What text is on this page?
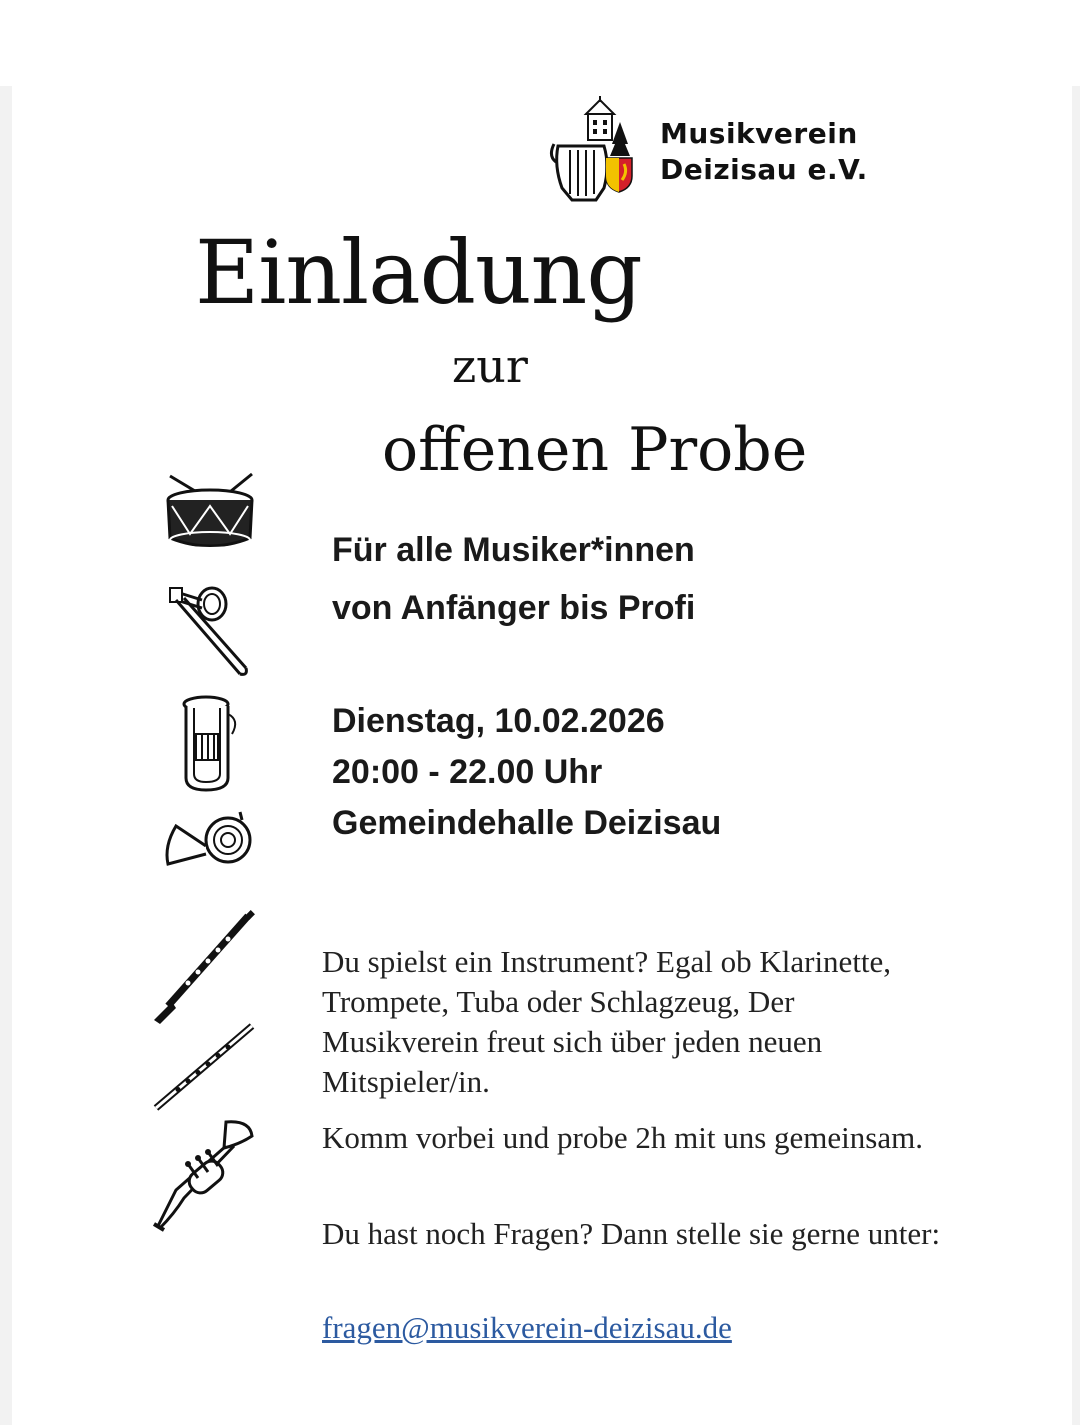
Musikverein
Deizisau e.V.
Einladung
zur
offenen Probe
Für alle Musiker*innen
von Anfänger bis Profi
Dienstag, 10.02.2026
20:00 - 22.00 Uhr
Gemeindehalle Deizisau
Du spielst ein Instrument? Egal ob Klarinette, Trompete, Tuba oder Schlagzeug, Der Musikverein freut sich über jeden neuen Mitspieler/in.
Komm vorbei und probe 2h mit uns gemeinsam.
Du hast noch Fragen? Dann stelle sie gerne unter:
fragen@musikverein-deizisau.de
